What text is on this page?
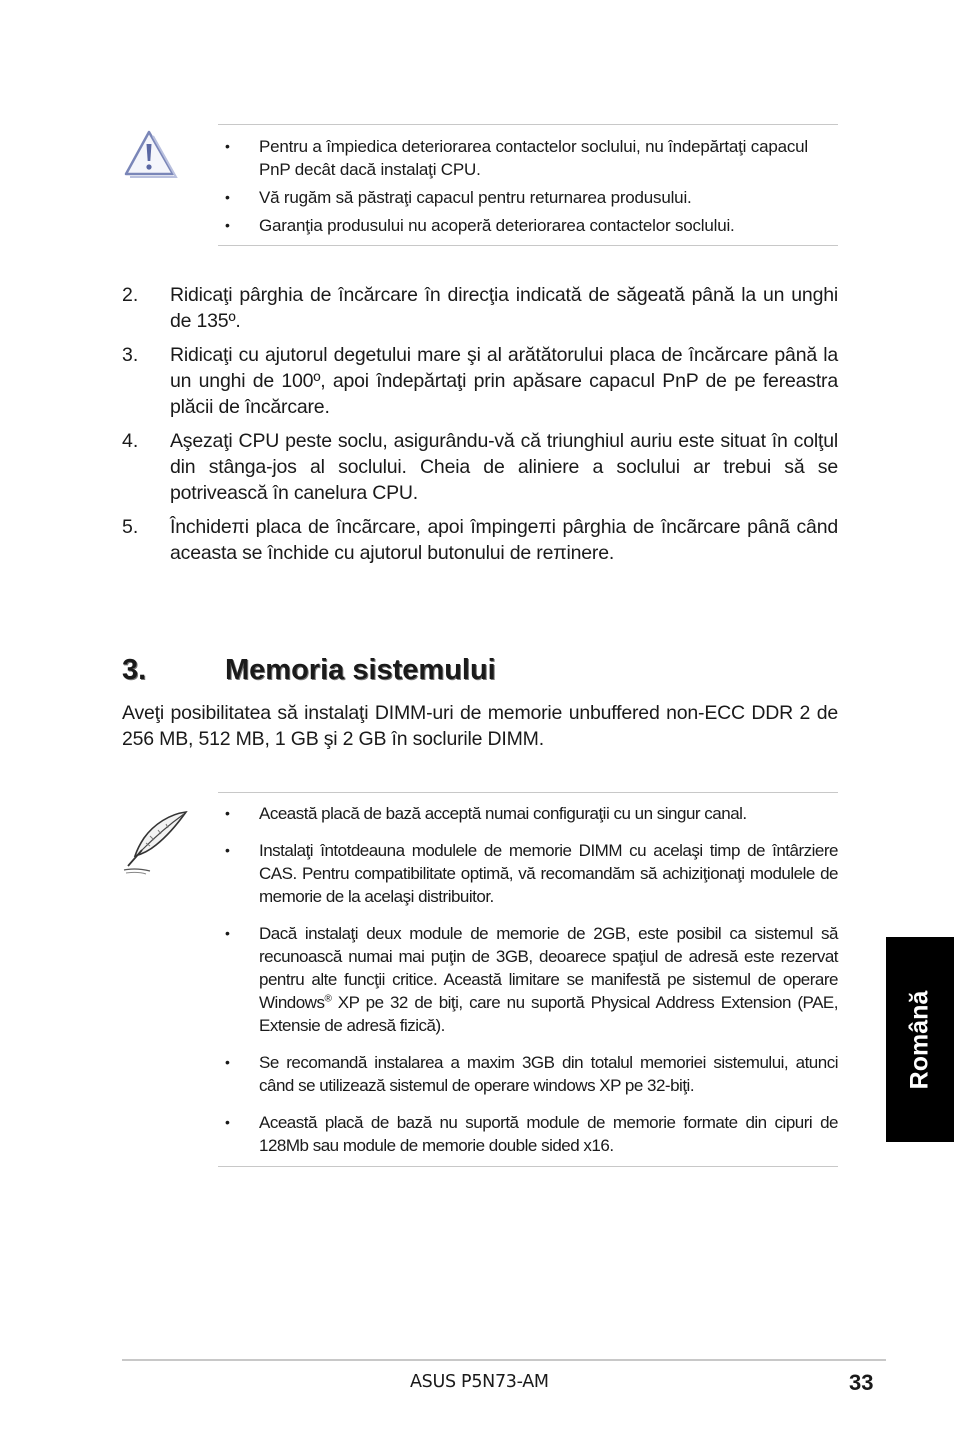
• Pentru a împiedica deteriorarea contactelor soclului, nu îndepărtaţi capacul PnP decât dacă instalaţi CPU.
• Vă rugăm să păstraţi capacul pentru returnarea produsului.
• Garanţia produsului nu acoperă deteriorarea contactelor soclului.
2.	Ridicaţi pârghia de încărcare în direcţia indicată de săgeată până la un unghi de 135º.
3.	Ridicaţi cu ajutorul degetului mare şi al arătătorului placa de încărcare până la un unghi de 100º, apoi îndepărtaţi prin apăsare capacul PnP de pe fereastra plăcii de încărcare.
4.	Aşezaţi CPU peste soclu, asigurându-vă că triunghiul auriu este situat în colţul din stânga-jos al soclului. Cheia de aliniere a soclului ar trebui să se potrivească în canelura CPU.
5.	Închideπi placa de încãrcare, apoi împingeπi pârghia de încãrcare pânã când aceasta se închide cu ajutorul butonului de reπinere.
3.	Memoria sistemului
Aveţi posibilitatea să instalaţi DIMM-uri de memorie unbuffered non-ECC DDR 2 de 256 MB, 512 MB, 1 GB şi 2 GB în soclurile DIMM.
• Această placă de bază acceptă numai configuraţii cu un singur canal.
• Instalaţi întotdeauna modulele de memorie DIMM cu acelaşi timp de întârziere CAS. Pentru compatibilitate optimă, vă recomandăm să achiziţionaţi modulele de memorie de la acelaşi distribuitor.
• Dacă instalaţi deux module de memorie de 2GB, este posibil ca sistemul să recunoască numai mai puţin de 3GB, deoarece spaţiul de adresă este rezervat pentru alte funcţii critice. Această limitare se manifestă pe sistemul de operare Windows® XP pe 32 de biţi, care nu suportă Physical Address Extension (PAE, Extensie de adresă fizică).
• Se recomandă instalarea a maxim 3GB din totalul memoriei sistemului, atunci când se utilizează sistemul de operare windows XP pe 32-biţi.
• Această placă de bază nu suportă module de memorie formate din cipuri de 128Mb sau module de memorie double sided x16.
Română
ASUS P5N73-AM	33
